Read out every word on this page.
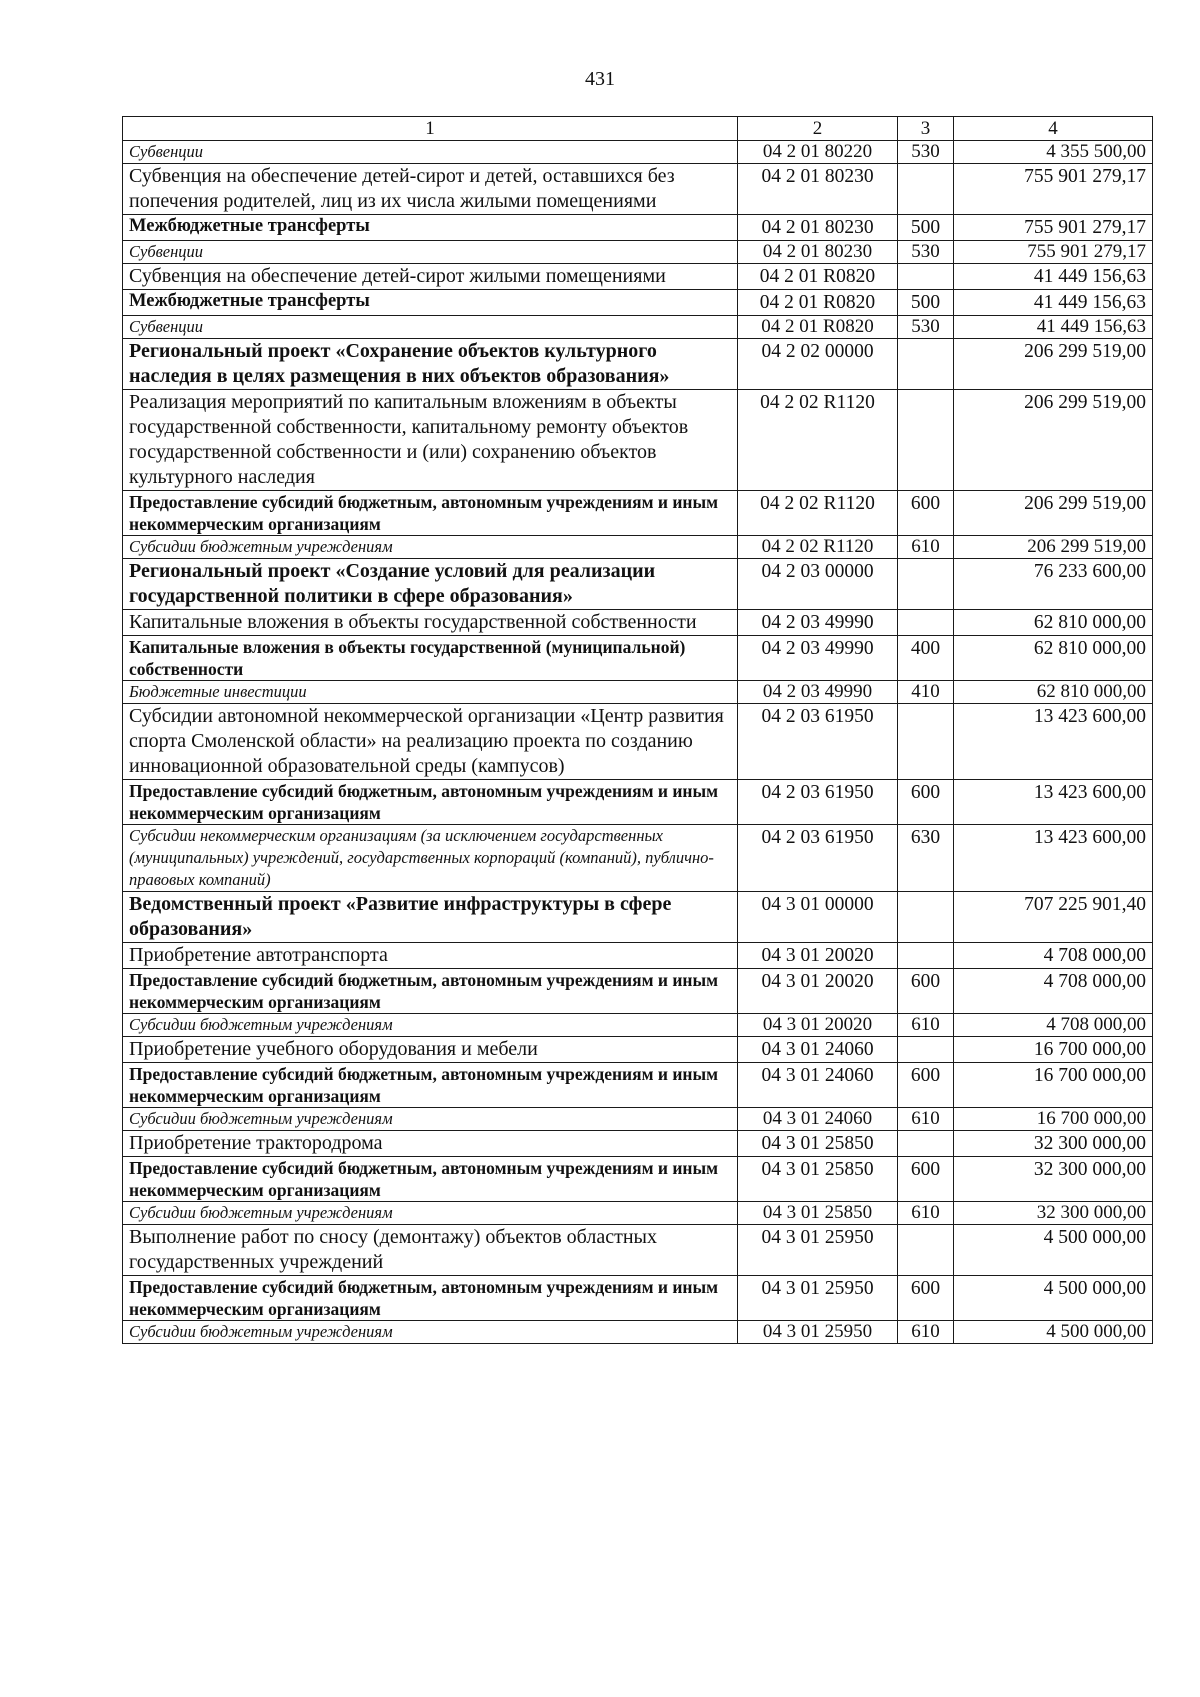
431
1	2	3	4
Субвенции	04 2 01 80220	530	4 355 500,00
Субвенция на обеспечение детей-сирот и детей, оставшихся без попечения родителей, лиц из их числа жилыми помещениями	04 2 01 80230		755 901 279,17
Межбюджетные трансферты	04 2 01 80230	500	755 901 279,17
Субвенции	04 2 01 80230	530	755 901 279,17
Субвенция на обеспечение детей-сирот жилыми помещениями	04 2 01 R0820		41 449 156,63
Межбюджетные трансферты	04 2 01 R0820	500	41 449 156,63
Субвенции	04 2 01 R0820	530	41 449 156,63
Региональный проект «Сохранение объектов культурного наследия в целях размещения в них объектов образования»	04 2 02 00000		206 299 519,00
Реализация мероприятий по капитальным вложениям в объекты государственной собственности, капитальному ремонту объектов государственной собственности и (или) сохранению объектов культурного наследия	04 2 02 R1120		206 299 519,00
Предоставление субсидий бюджетным, автономным учреждениям и иным некоммерческим организациям	04 2 02 R1120	600	206 299 519,00
Субсидии бюджетным учреждениям	04 2 02 R1120	610	206 299 519,00
Региональный проект «Создание условий для реализации государственной политики в сфере образования»	04 2 03 00000		76 233 600,00
Капитальные вложения в объекты государственной собственности	04 2 03 49990		62 810 000,00
Капитальные вложения в объекты государственной (муниципальной) собственности	04 2 03 49990	400	62 810 000,00
Бюджетные инвестиции	04 2 03 49990	410	62 810 000,00
Субсидии автономной некоммерческой организации «Центр развития спорта Смоленской области» на реализацию проекта по созданию инновационной образовательной среды (кампусов)	04 2 03 61950		13 423 600,00
Предоставление субсидий бюджетным, автономным учреждениям и иным некоммерческим организациям	04 2 03 61950	600	13 423 600,00
Субсидии некоммерческим организациям (за исключением государственных (муниципальных) учреждений, государственных корпораций (компаний), публично-правовых компаний)	04 2 03 61950	630	13 423 600,00
Ведомственный проект «Развитие инфраструктуры в сфере образования»	04 3 01 00000		707 225 901,40
Приобретение автотранспорта	04 3 01 20020		4 708 000,00
Предоставление субсидий бюджетным, автономным учреждениям и иным некоммерческим организациям	04 3 01 20020	600	4 708 000,00
Субсидии бюджетным учреждениям	04 3 01 20020	610	4 708 000,00
Приобретение учебного оборудования и мебели	04 3 01 24060		16 700 000,00
Предоставление субсидий бюджетным, автономным учреждениям и иным некоммерческим организациям	04 3 01 24060	600	16 700 000,00
Субсидии бюджетным учреждениям	04 3 01 24060	610	16 700 000,00
Приобретение трактородрома	04 3 01 25850		32 300 000,00
Предоставление субсидий бюджетным, автономным учреждениям и иным некоммерческим организациям	04 3 01 25850	600	32 300 000,00
Субсидии бюджетным учреждениям	04 3 01 25850	610	32 300 000,00
Выполнение работ по сносу (демонтажу) объектов областных государственных учреждений	04 3 01 25950		4 500 000,00
Предоставление субсидий бюджетным, автономным учреждениям и иным некоммерческим организациям	04 3 01 25950	600	4 500 000,00
Субсидии бюджетным учреждениям	04 3 01 25950	610	4 500 000,00
